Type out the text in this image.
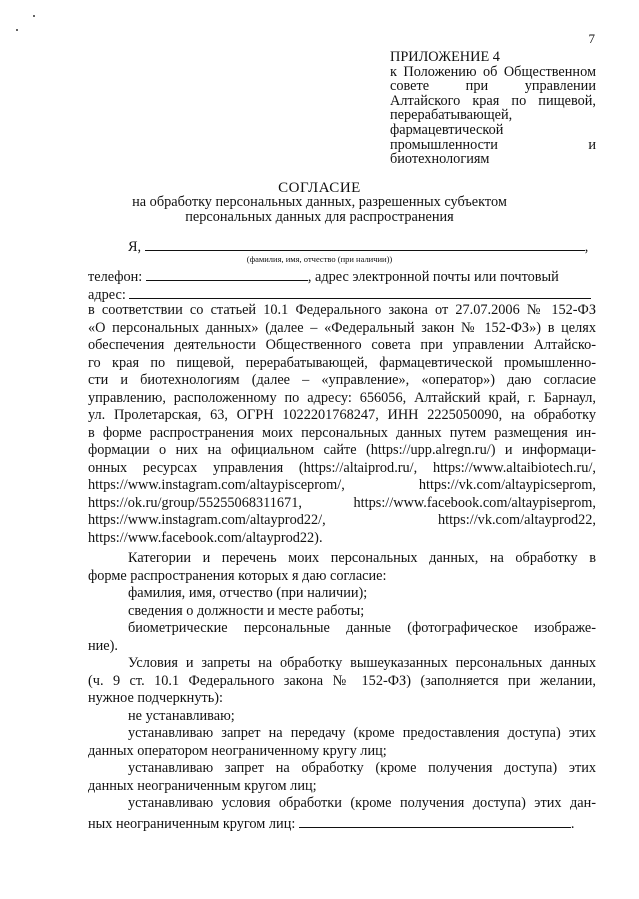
7
ПРИЛОЖЕНИЕ 4
к Положению об Общественном совете при управлении Алтайского края по пищевой, перерабатывающей, фармацевтической промышленности и биотехнологиям
СОГЛАСИЕ
на обработку персональных данных, разрешенных субъектом
персональных данных для распространения
Я,	,
(фамилия, имя, отчество (при наличии))
телефон:	, адрес электронной почты или почтовый
адрес:
в соответствии со статьей 10.1 Федерального закона от 27.07.2006 № 152-ФЗ
«О персональных данных» (далее – «Федеральный закон № 152-ФЗ») в целях
обеспечения деятельности Общественного совета при управлении Алтайско-
го края по пищевой, перерабатывающей, фармацевтической промышленно-
сти и биотехнологиям (далее – «управление», «оператор») даю согласие
управлению, расположенному по адресу: 656056, Алтайский край, г. Барнаул,
ул. Пролетарская, 63, ОГРН 1022201768247, ИНН 2225050090, на обработку
в форме распространения моих персональных данных путем размещения ин-
формации о них на официальном сайте (https://upp.alregn.ru/) и информаци-
онных ресурсах управления (https://altaiprod.ru/, https://www.altaibiotech.ru/,
https://www.instagram.com/altaypiscеprom/, https://vk.com/altaypicsеprom,
https://ok.ru/group/55255068311671, https://www.facebook.com/altaypiseprom,
https://www.instagram.com/altayprod22/, https://vk.com/altayprod22,
https://www.facebook.com/altayprod22).
Категории и перечень моих персональных данных, на обработку в
форме распространения которых я даю согласие:
фамилия, имя, отчество (при наличии);
сведения о должности и месте работы;
биометрические персональные данные (фотографическое изображе-
ние).
Условия и запреты на обработку вышеуказанных персональных данных
(ч. 9 ст. 10.1 Федерального закона № 152-ФЗ) (заполняется при желании,
нужное подчеркнуть):
не устанавливаю;
устанавливаю запрет на передачу (кроме предоставления доступа) этих
данных оператором неограниченному кругу лиц;
устанавливаю запрет на обработку (кроме получения доступа) этих
данных неограниченным кругом лиц;
устанавливаю условия обработки (кроме получения доступа) этих дан-
ных неограниченным кругом лиц:	.
